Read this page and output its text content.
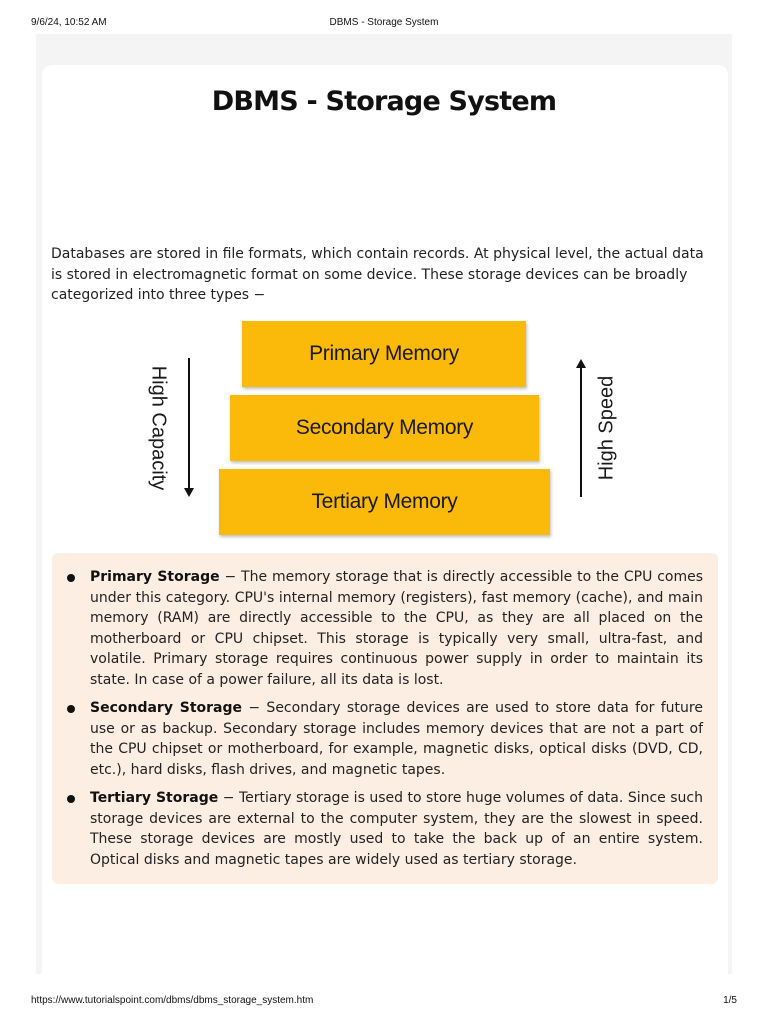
9/6/24, 10:52 AM	DBMS - Storage System
DBMS - Storage System

Databases are stored in file formats, which contain records. At physical level, the actual data is stored in electromagnetic format on some device. These storage devices can be broadly categorized into three types −

Primary Memory
Secondary Memory
Tertiary Memory
High Capacity	High Speed
Primary Storage − The memory storage that is directly accessible to the CPU comes under this category. CPU's internal memory (registers), fast memory (cache), and main memory (RAM) are directly accessible to the CPU, as they are all placed on the motherboard or CPU chipset. This storage is typically very small, ultra-fast, and volatile. Primary storage requires continuous power supply in order to maintain its state. In case of a power failure, all its data is lost.
Secondary Storage − Secondary storage devices are used to store data for future use or as backup. Secondary storage includes memory devices that are not a part of the CPU chipset or motherboard, for example, magnetic disks, optical disks (DVD, CD, etc.), hard disks, flash drives, and magnetic tapes.
Tertiary Storage − Tertiary storage is used to store huge volumes of data. Since such storage devices are external to the computer system, they are the slowest in speed. These storage devices are mostly used to take the back up of an entire system. Optical disks and magnetic tapes are widely used as tertiary storage.
https://www.tutorialspoint.com/dbms/dbms_storage_system.htm	1/5
